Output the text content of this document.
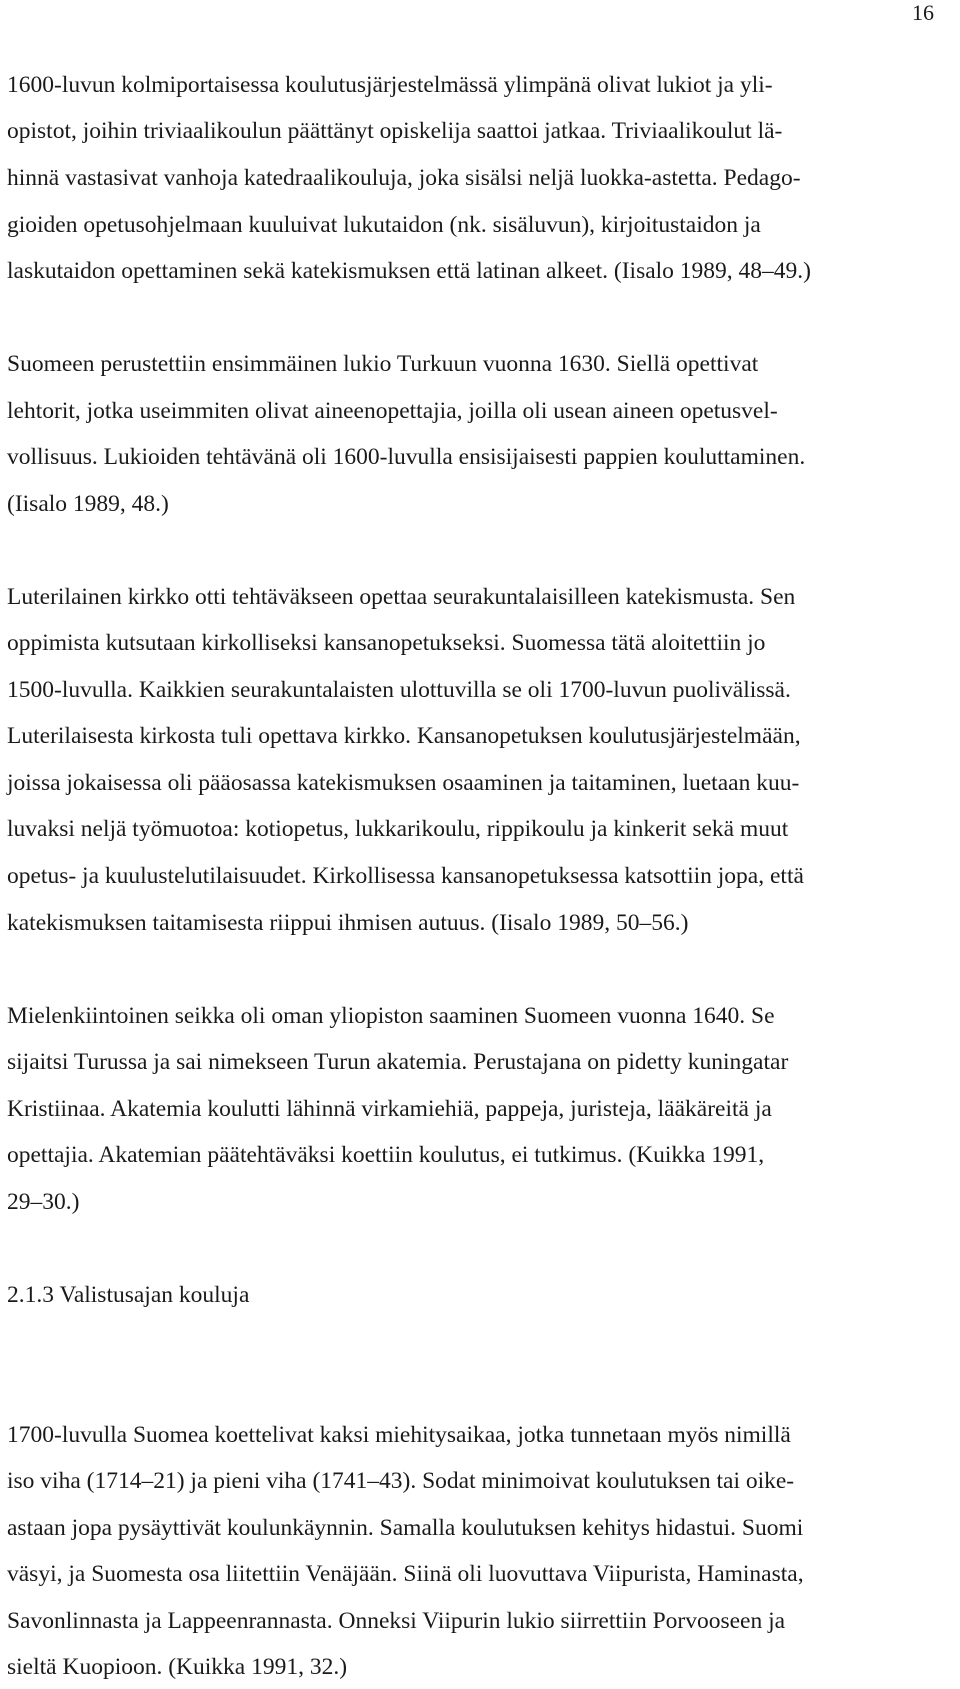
16
1600-luvun kolmiportaisessa koulutusjärjestelmässä ylimpänä olivat lukiot ja yli-
opistot, joihin triviaalikoulun päättänyt opiskelija saattoi jatkaa. Triviaalikoulut lä-
hinnä vastasivat vanhoja katedraalikouluja, joka sisälsi neljä luokka-astetta. Pedago-
gioiden opetusohjelmaan kuuluivat lukutaidon (nk. sisäluvun), kirjoitustaidon ja
laskutaidon opettaminen sekä katekismuksen että latinan alkeet. (Iisalo 1989, 48–49.)
Suomeen perustettiin ensimmäinen lukio Turkuun vuonna 1630. Siellä opettivat
lehtorit, jotka useimmiten olivat aineenopettajia, joilla oli usean aineen opetusvel-
vollisuus. Lukioiden tehtävänä oli 1600-luvulla ensisijaisesti pappien kouluttaminen.
(Iisalo 1989, 48.)
Luterilainen kirkko otti tehtäväkseen opettaa seurakuntalaisilleen katekismusta. Sen
oppimista kutsutaan kirkolliseksi kansanopetukseksi. Suomessa tätä aloitettiin jo
1500-luvulla. Kaikkien seurakuntalaisten ulottuvilla se oli 1700-luvun puolivälissä.
Luterilaisesta kirkosta tuli opettava kirkko. Kansanopetuksen koulutusjärjestelmään,
joissa jokaisessa oli pääosassa katekismuksen osaaminen ja taitaminen, luetaan kuu-
luvaksi neljä työmuotoa: kotiopetus, lukkarikoulu, rippikoulu ja kinkerit sekä muut
opetus- ja kuulustelutilaisuudet. Kirkollisessa kansanopetuksessa katsottiin jopa, että
katekismuksen taitamisesta riippui ihmisen autuus. (Iisalo 1989, 50–56.)
Mielenkiintoinen seikka oli oman yliopiston saaminen Suomeen vuonna 1640. Se
sijaitsi Turussa ja sai nimekseen Turun akatemia. Perustajana on pidetty kuningatar
Kristiinaa. Akatemia koulutti lähinnä virkamiehiä, pappeja, juristeja, lääkäreitä ja
opettajia. Akatemian päätehtäväksi koettiin koulutus, ei tutkimus. (Kuikka 1991,
29–30.)
2.1.3 Valistusajan kouluja
1700-luvulla Suomea koettelivat kaksi miehitysaikaa, jotka tunnetaan myös nimillä
iso viha (1714–21) ja pieni viha (1741–43). Sodat minimoivat koulutuksen tai oike-
astaan jopa pysäyttivät koulunkäynnin. Samalla koulutuksen kehitys hidastui. Suomi
väsyi, ja Suomesta osa liitettiin Venäjään. Siinä oli luovuttava Viipurista, Haminasta,
Savonlinnasta ja Lappeenrannasta. Onneksi Viipurin lukio siirrettiin Porvooseen ja
sieltä Kuopioon. (Kuikka 1991, 32.)
